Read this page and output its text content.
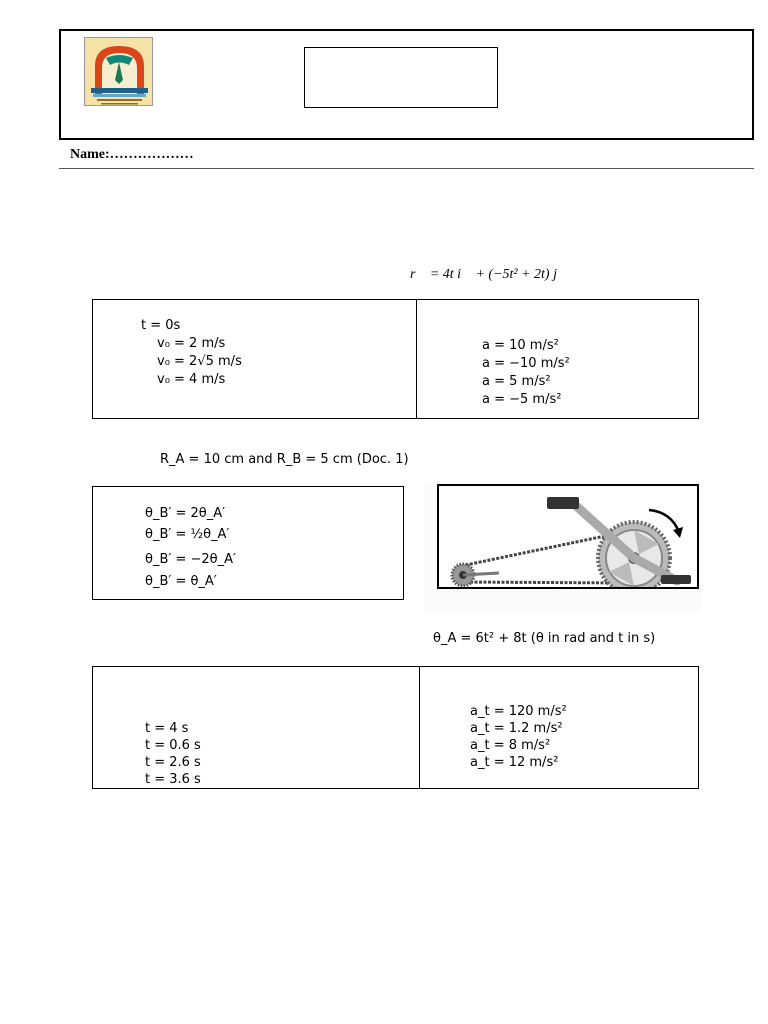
Name:………………
r⃗ = 4t i⃗ + (−5t² + 2t) j⃗
t = 0s
v₀ = 2 m/s
v₀ = 2√5 m/s
v₀ = 4 m/s
a = 10 m/s²
a = −10 m/s²
a = 5 m/s²
a = −5 m/s²
R_A = 10 cm and R_B = 5 cm (Doc. 1)
θ_B′ = 2θ_A′
θ_B′ = ½θ_A′
θ_B′ = −2θ_A′
θ_B′ = θ_A′
θ_A = 6t² + 8t (θ in rad and t in s)
t = 4 s
t = 0.6 s
t = 2.6 s
t = 3.6 s
a_t = 120 m/s²
a_t = 1.2 m/s²
a_t = 8 m/s²
a_t = 12 m/s²
